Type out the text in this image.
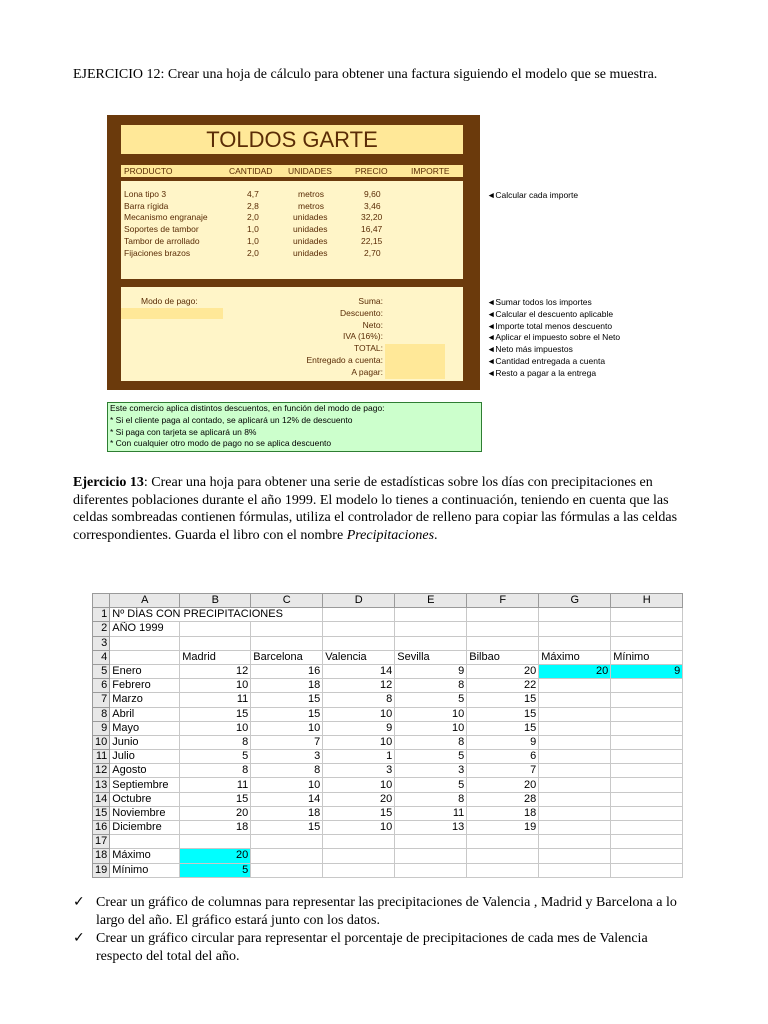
EJERCICIO 12: Crear una hoja de cálculo para obtener una factura siguiendo el modelo que se muestra.
TOLDOS GARTE
PRODUCTO	CANTIDAD UNIDADES	PRECIO	IMPORTE
Lona tipo 3	4,7	metros	9,60
Barra rígida	2,8	metros	3,46
Mecanismo engranaje	2,0	unidades	32,20
Soportes de tambor	1,0	unidades	16,47
Tambor de arrollado	1,0	unidades	22,15
Fijaciones brazos	2,0	unidades	2,70
Modo de pago:	Suma:
Descuento:
Neto:
IVA (16%):
TOTAL:
Entregado a cuenta:
A pagar:
◄Calcular cada importe
◄Sumar todos los importes
◄Calcular el descuento aplicable
◄Importe total menos descuento
◄Aplicar el impuesto sobre el Neto
◄Neto más impuestos
◄Cantidad entregada a cuenta
◄Resto a pagar a la entrega
Este comercio aplica distintos descuentos, en función del modo de pago:
* Si el cliente paga al contado, se aplicará un 12% de descuento
* Si paga con tarjeta se aplicará un 8%
* Con cualquier otro modo de pago no se aplica descuento
Ejercicio 13: Crear una hoja para obtener una serie de estadísticas sobre los días con precipitaciones en diferentes poblaciones durante el año 1999. El modelo lo tienes a continuación, teniendo en cuenta que las celdas sombreadas contienen fórmulas, utiliza el controlador de relleno para copiar las fórmulas a las celdas correspondientes. Guarda el libro con el nombre Precipitaciones.
	A	B	C	D	E	F	G	H
1	Nº DÍAS CON PRECIPITACIONES							
2	AÑO 1999							
3								
4		Madrid	Barcelona	Valencia	Sevilla	Bilbao	Máximo	Mínimo
5	Enero	12	16	14	9	20	20	9
6	Febrero	10	18	12	8	22		
7	Marzo	11	15	8	5	15		
8	Abril	15	15	10	10	15		
9	Mayo	10	10	9	10	15		
10	Junio	8	7	10	8	9		
11	Julio	5	3	1	5	6		
12	Agosto	8	8	3	3	7		
13	Septiembre	11	10	10	5	20		
14	Octubre	15	14	20	8	28		
15	Noviembre	20	18	15	11	18		
16	Diciembre	18	15	10	13	19		
17								
18	Máximo	20						
19	Mínimo	5						
✓ Crear un gráfico de columnas para representar las precipitaciones de Valencia , Madrid y Barcelona a lo largo del año. El gráfico estará junto con los datos.
✓ Crear un gráfico circular para representar el porcentaje de precipitaciones de cada mes de Valencia respecto del total del año.
